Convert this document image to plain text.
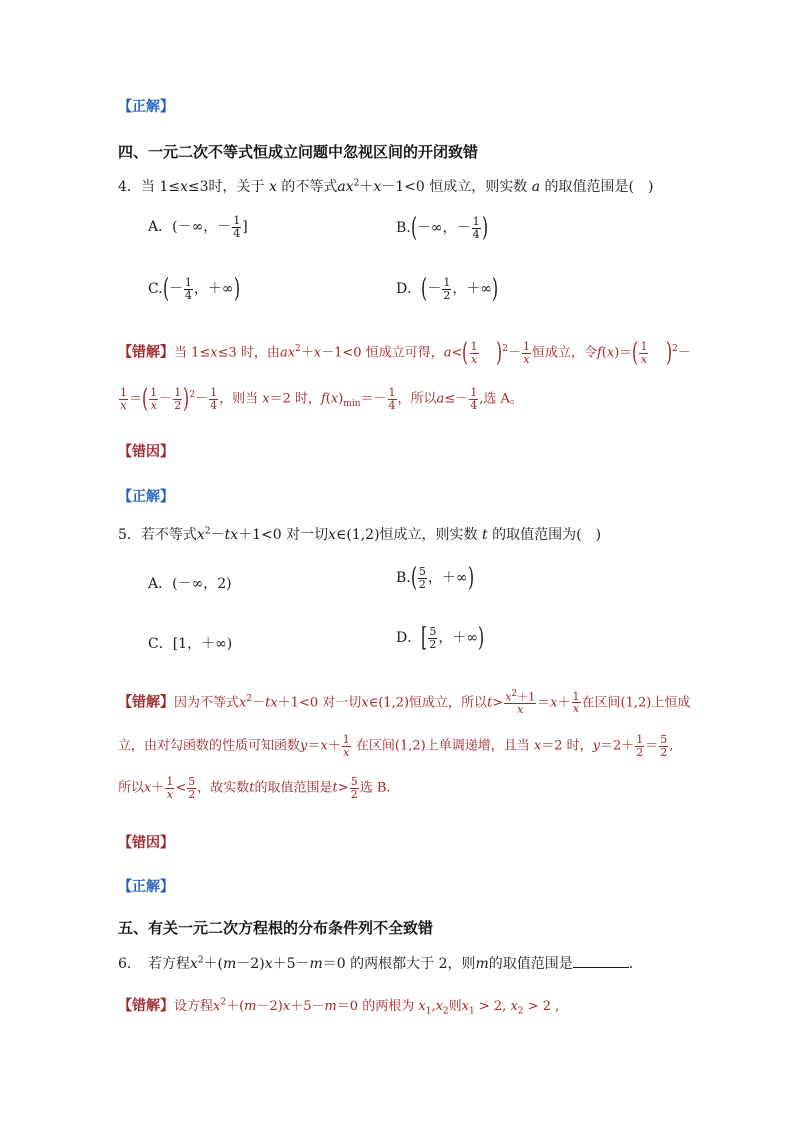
【正解】
四、一元二次不等式恒成立问题中忽视区间的开闭致错
4．当 1≤x≤3时，关于 x 的不等式$ax^2+x-1<0$ 恒成立，则实数 a 的取值范围是(　)
A．(－∞，－ $\frac{1}{4}$ ]	B.(－∞，－ $\frac{1}{4}$ )
$C.(- \frac{1}{4}$ ，＋∞)	D．(－ $\frac{1}{2}$ ，＋∞)
【错解】当 1≤x≤3 时，由$ax^2+x-1<0$ 恒成立可得，$a<( \frac{1}{x} )^2- \frac{1}{x}$ 恒成立，令$f(x)=( \frac{1}{x} )^2-$
$\frac{1}{x}$ ＝( $\frac{1}{x} - \frac{1}{2} )^2- \frac{1}{4}$ ，则当 x＝2 时，$f(x)_{min}=- \frac{1}{4}$ ，所以$a\le- \frac{1}{4}$ ,选 A。
【错因】
【正解】
5．若不等式$x^2-tx+1<0$ 对一切x∈(1,2)恒成立，则实数 t 的取值范围为(　)
A．(－∞，2)	$B.( \frac{5}{2}$ ，＋∞)
C．[1，＋∞)	D．[ $\frac{5}{2}$ ，＋∞)
【错解】因为不等式$x^2-tx+1<0$ 对一切x∈(1,2)恒成立，所以$t> \frac{x^2+1}{x} =x+ \frac{1}{x}$ 在区间(1,2)上恒成
立，由对勾函数的性质可知函数$y=x+ \frac{1}{x}$ 在区间(1,2)上单调递增，且当 x＝2 时，$y=2+ \frac{1}{2} = \frac{5}{2}$ ,
所以$x+ \frac{1}{x} < \frac{5}{2}$ ，故实数t的取值范围是$t> \frac{5}{2}$ 选 B.
【错因】
【正解】
五、有关一元二次方程根的分布条件列不全致错
6．　若方程$x^2+(m-2)x+5-m=0$ 的两根都大于 2，则m的取值范围是	．
【错解】设方程$x^2+(m-2)x+5-m=0$ 的两根为 $x_1,x_2$则$x_1 > 2$, $x_2 > 2$ ,
